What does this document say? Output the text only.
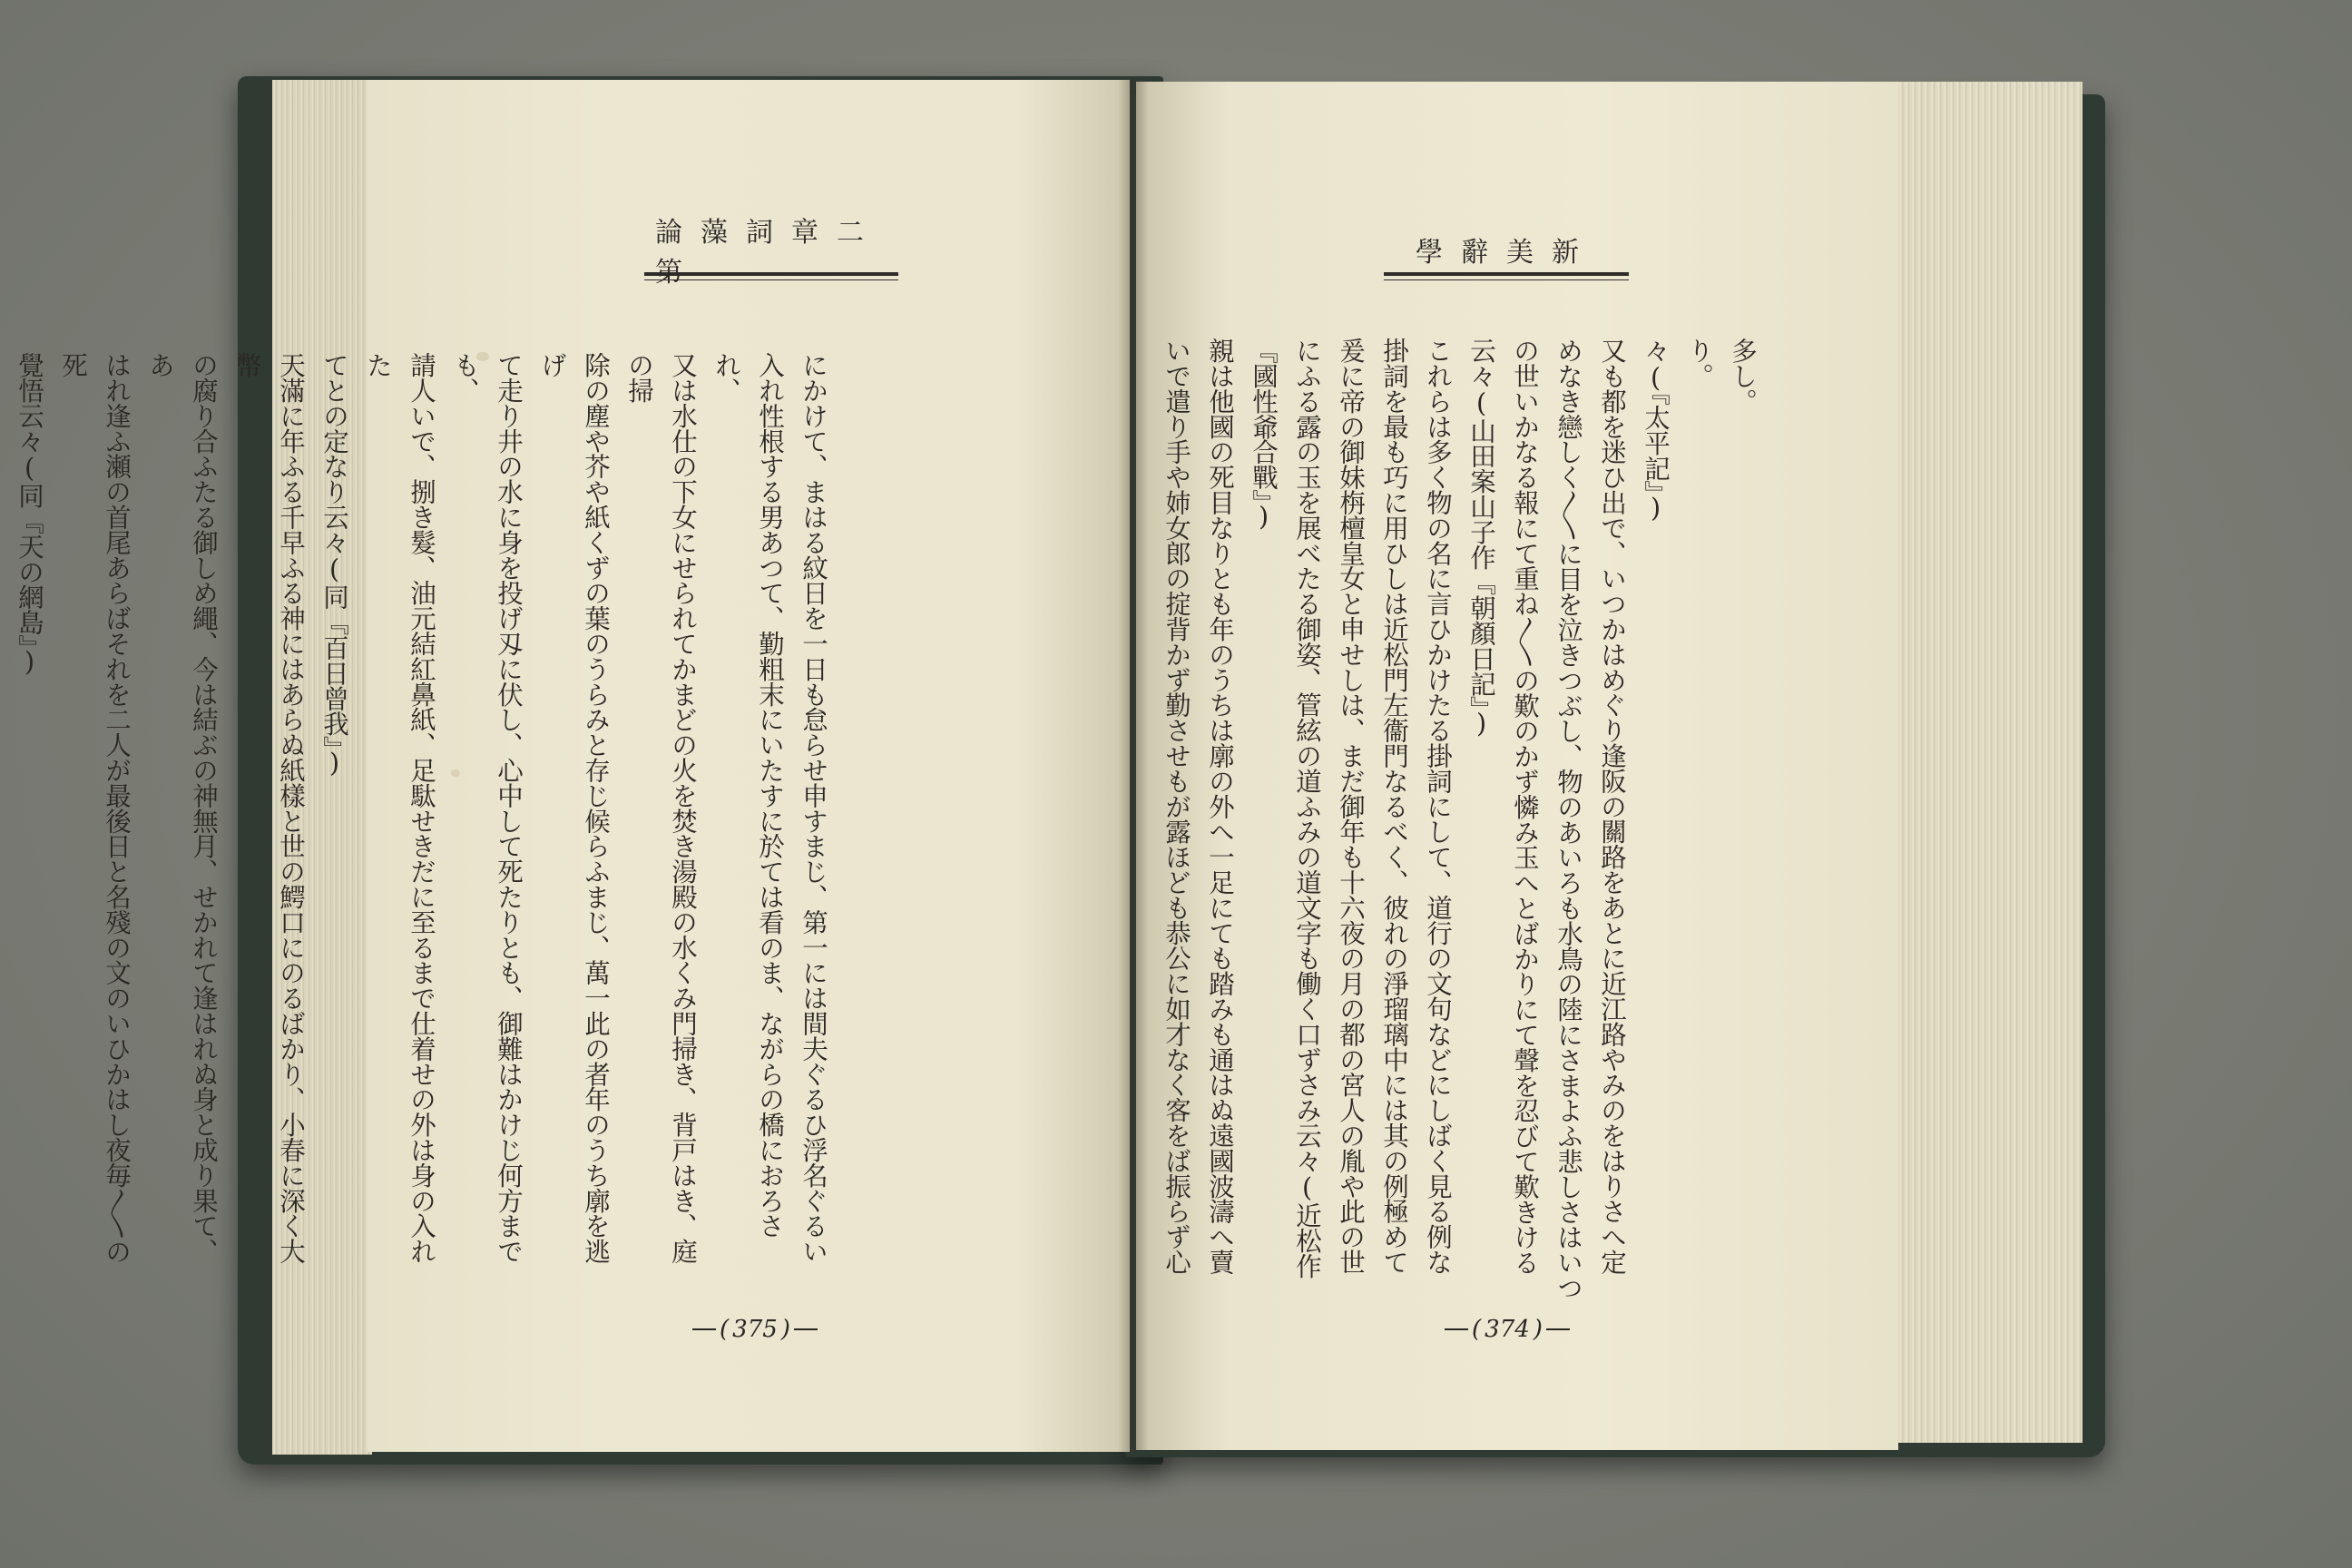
論藻詞章二第
學辭美新
にかけて、まはる紋日を一日も怠らせ申すまじ、第一には間夫ぐるひ浮名ぐるい
入れ性根する男あつて、勤粗末にいたすに於ては看のま、ながらの橋におろされ、
又は水仕の下女にせられてかまどの火を焚き湯殿の水くみ門掃き、背戸はき、庭の掃
除の塵や芥や紙くずの葉のうらみと存じ候らふまじ、萬一此の者年のうち廓を逃げ
て走り井の水に身を投げ刄に伏し、心中して死たりとも、御難はかけじ何方までも、
請人いで、捌き髮、油元結紅鼻紙、足駄せきだに至るまで仕着せの外は身の入れた
てとの定なり云々(同『百日曾我』)
天滿に年ふる千早ふる神にはあらぬ紙樣と世の鰐口にのるばかり、小春に深く大幣
の腐り合ふたる御しめ繩、今は結ぶの神無月、せかれて逢はれぬ身と成り果て、あ
はれ逢ふ瀬の首尾あらばそれを二人が最後日と名殘の文のいひかはし夜毎〳〵の死
覺悟云々(同『天の網島』)	多し。
り。
々(『太平記』)
又も都を迷ひ出で、いつかはめぐり逢阪の關路をあとに近江路やみのをはりさへ定
めなき戀しく〳〵に目を泣きつぶし、物のあいろも水鳥の陸にさまよふ悲しさはいつ
の世いかなる報にて重ね〳〵の歎のかず憐み玉へとばかりにて聲を忍びて歎きける
云々(山田案山子作『朝顏日記』)
これらは多く物の名に言ひかけたる掛詞にして、道行の文句などにしばく見る例な
掛詞を最も巧に用ひしは近松門左衞門なるべく、彼れの淨瑠璃中には其の例極めて
爰に帝の御妹栴檀皇女と申せしは、まだ御年も十六夜の月の都の宮人の胤や此の世
にふる露の玉を展べたる御姿、管絃の道ふみの道文字も働く口ずさみ云々(近松作
『國性爺合戰』)
親は他國の死目なりとも年のうちは廓の外へ一足にても踏みも通はぬ遠國波濤へ賣
いで遣り手や姉女郎の掟背かず勤させもが露ほども恭公に如才なく客をば振らず心
( 375 )	( 374 )
